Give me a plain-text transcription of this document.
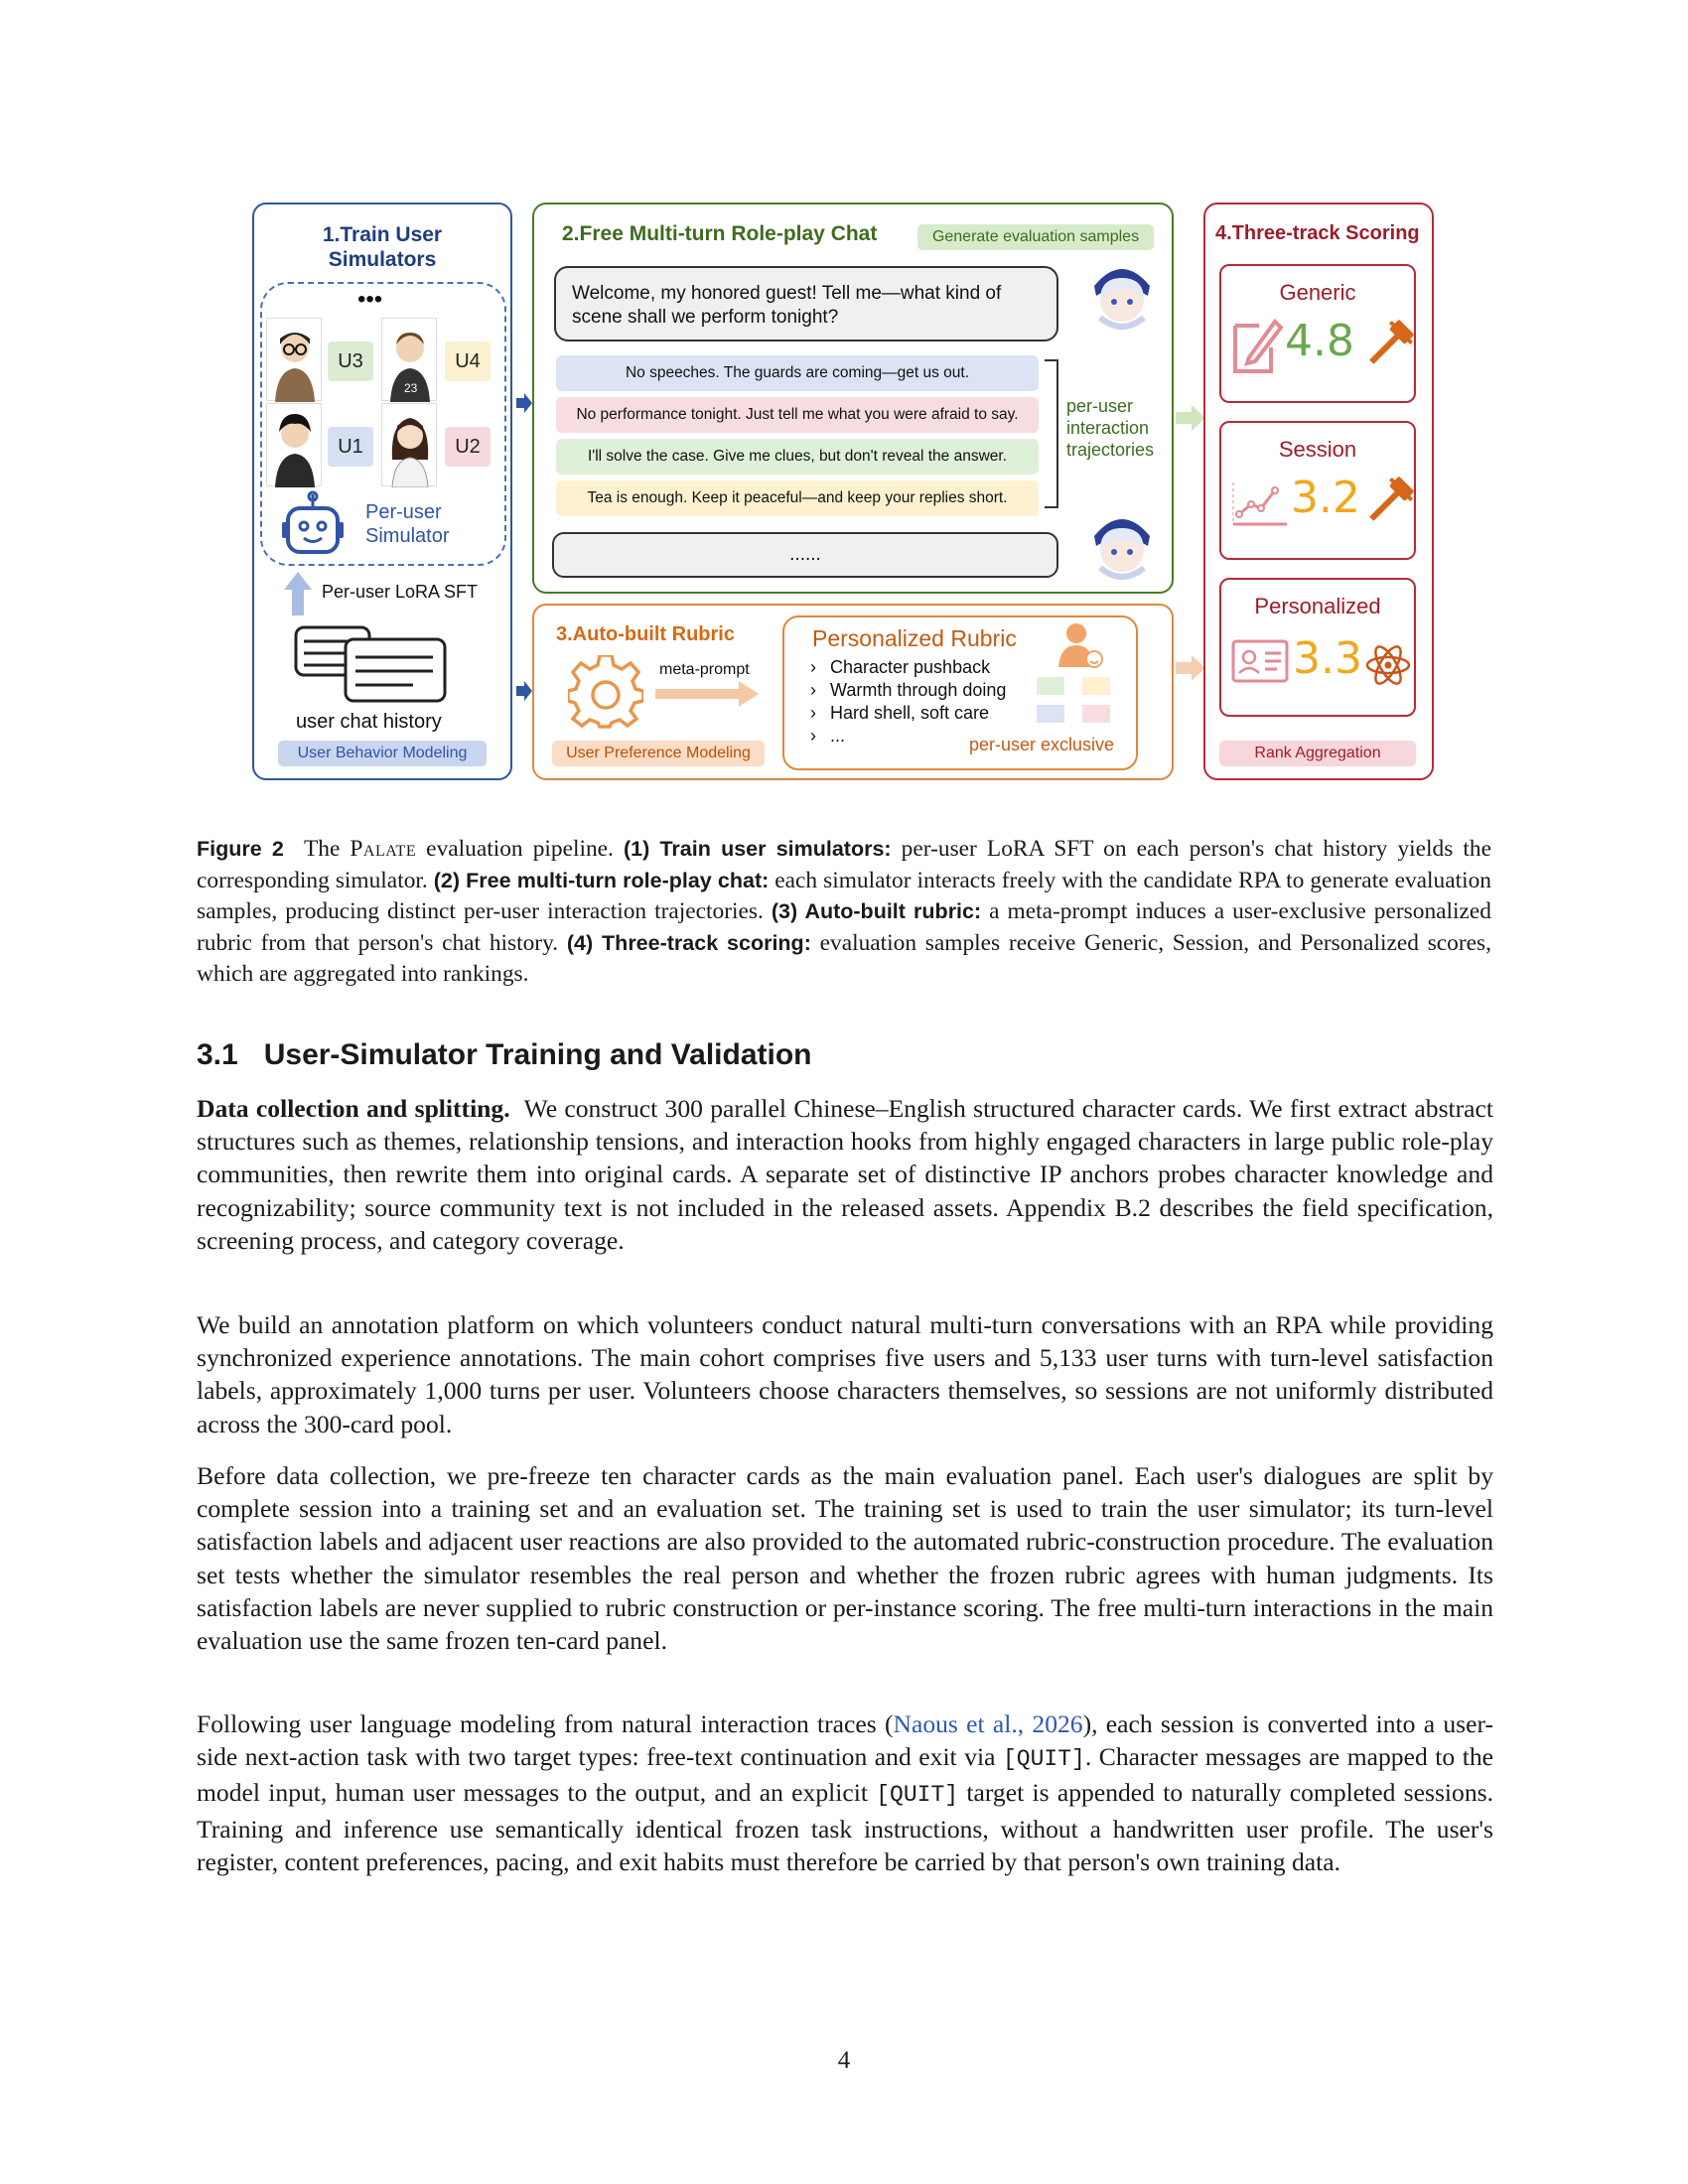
1.Train User Simulators
•••
U3
23
U4
U1	U2
Per-user Simulator
Per-user LoRA SFT
user chat history
User Behavior Modeling
2.Free Multi-turn Role-play Chat	Generate evaluation samples
Welcome, my honored guest! Tell me—what kind of scene shall we perform tonight?
No speeches. The guards are coming—get us out.
No performance tonight. Just tell me what you were afraid to say.
I'll solve the case. Give me clues, but don't reveal the answer.
Tea is enough. Keep it peaceful—and keep your replies short.
per-user interaction trajectories
......
3.Auto-built Rubric
meta-prompt
Personalized Rubric
› Character pushback
› Warmth through doing
› Hard shell, soft care
› ...	per-user exclusive
User Preference Modeling
4.Three-track Scoring
Generic
4.8
Session
3.2
Personalized
3.3
Rank Aggregation
Figure 2 The Palate evaluation pipeline. (1) Train user simulators: per-user LoRA SFT on each person's chat history yields the corresponding simulator. (2) Free multi-turn role-play chat: each simulator interacts freely with the candidate RPA to generate evaluation samples, producing distinct per-user interaction trajectories. (3) Auto-built rubric: a meta-prompt induces a user-exclusive personalized rubric from that person's chat history. (4) Three-track scoring: evaluation samples receive Generic, Session, and Personalized scores, which are aggregated into rankings.
3.1 User-Simulator Training and Validation
Data collection and splitting. We construct 300 parallel Chinese–English structured character cards. We first extract abstract structures such as themes, relationship tensions, and interaction hooks from highly engaged characters in large public role-play communities, then rewrite them into original cards. A separate set of distinctive IP anchors probes character knowledge and recognizability; source community text is not included in the released assets. Appendix B.2 describes the field specification, screening process, and category coverage.
We build an annotation platform on which volunteers conduct natural multi-turn conversations with an RPA while providing synchronized experience annotations. The main cohort comprises five users and 5,133 user turns with turn-level satisfaction labels, approximately 1,000 turns per user. Volunteers choose characters themselves, so sessions are not uniformly distributed across the 300-card pool.
Before data collection, we pre-freeze ten character cards as the main evaluation panel. Each user's dialogues are split by complete session into a training set and an evaluation set. The training set is used to train the user simulator; its turn-level satisfaction labels and adjacent user reactions are also provided to the automated rubric-construction procedure. The evaluation set tests whether the simulator resembles the real person and whether the frozen rubric agrees with human judgments. Its satisfaction labels are never supplied to rubric construction or per-instance scoring. The free multi-turn interactions in the main evaluation use the same frozen ten-card panel.
Following user language modeling from natural interaction traces (Naous et al., 2026), each session is converted into a user-side next-action task with two target types: free-text continuation and exit via [QUIT]. Character messages are mapped to the model input, human user messages to the output, and an explicit [QUIT] target is appended to naturally completed sessions. Training and inference use semantically identical frozen task instructions, without a handwritten user profile. The user's register, content preferences, pacing, and exit habits must therefore be carried by that person's own training data.
4
